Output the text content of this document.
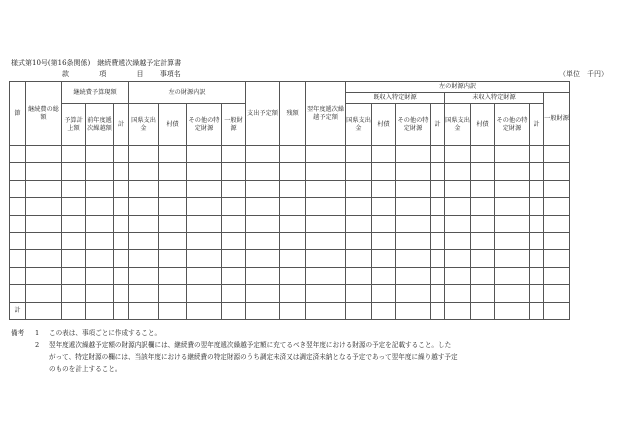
様式第10号(第16条関係)　継続費遞次繰越予定計算書
款	項	目 事項名	（単位　千円）
節	継続費の総額	継続費予算現額			左の財源内訳				支出予定額	残額	翌年度遞次繰越予定額	左の財源内訳								
												既収入特定財源				未収入特定財源				一般財源
		予算計上額	前年度遞次繰越額	計	国県支出金	村債	その他の特定財源	一般財源				国県支出金	村債	その他の特定財源	計	国県支出金	村債	その他の特定財源	計	

計																				
備考 1 この表は、事項ごとに作成すること。
2 翌年度遞次繰越予定額の財源内訳欄には、継続費の翌年度遞次繰越予定額に充てるべき翌年度における財源の予定を記載すること。した
がって、特定財源の欄には、当該年度における継続費の特定財源のうち調定未済又は調定済未納となる予定であって翌年度に繰り越す予定
のものを計上すること。
